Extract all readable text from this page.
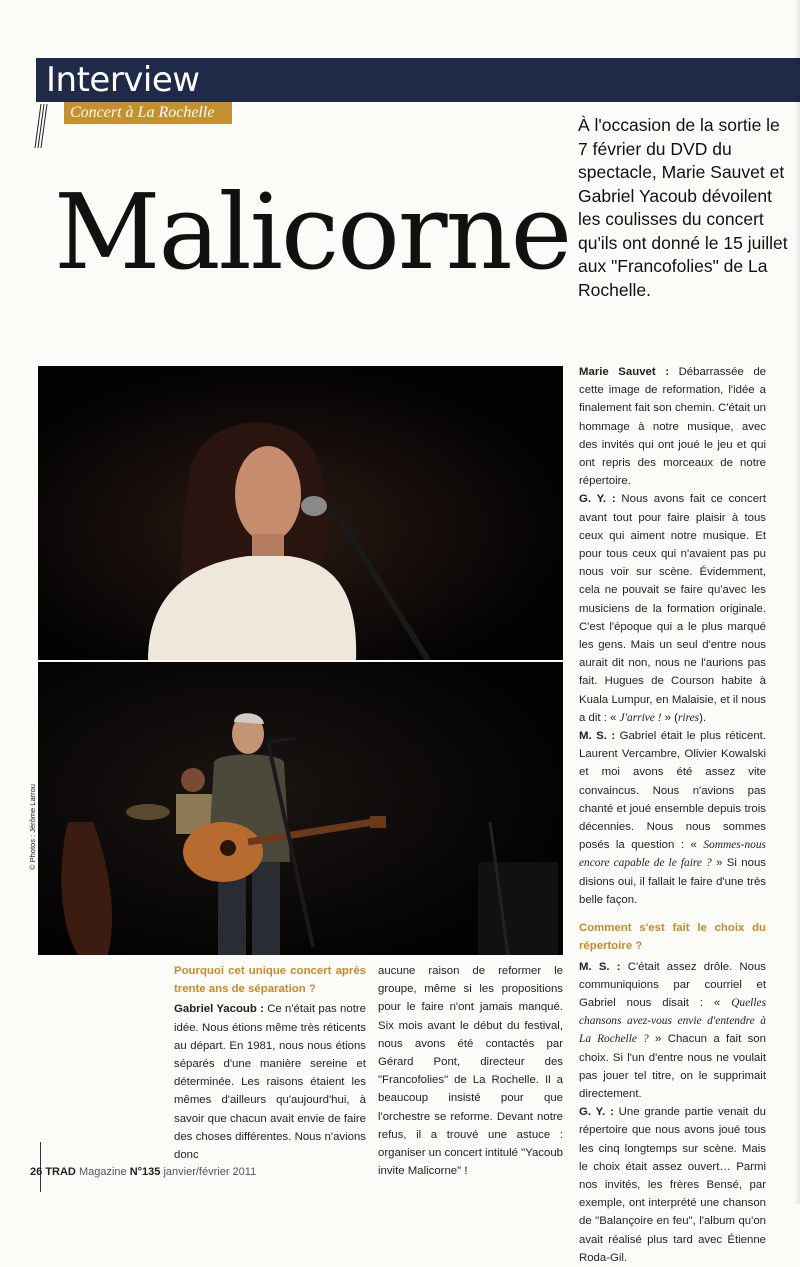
Interview
Concert à La Rochelle
Malicorne
À l'occasion de la sortie le 7 février du DVD du spectacle, Marie Sauvet et Gabriel Yacoub dévoilent les coulisses du concert qu'ils ont donné le 15 juillet aux "Francofolies" de La Rochelle.
© Photos : Jérôme Larrou

Pourquoi cet unique concert après trente ans de séparation ?

Gabriel Yacoub : Ce n'était pas notre idée. Nous étions même très réticents au départ. En 1981, nous nous étions séparés d'une manière sereine et déterminée. Les raisons étaient les mêmes d'ailleurs qu'aujourd'hui, à savoir que chacun avait envie de faire des choses différentes. Nous n'avions donc

aucune raison de reformer le groupe, même si les propositions pour le faire n'ont jamais manqué. Six mois avant le début du festival, nous avons été contactés par Gérard Pont, directeur des "Francofolies" de La Rochelle. Il a beaucoup insisté pour que l'orchestre se reforme. Devant notre refus, il a trouvé une astuce : organiser un concert intitulé "Yacoub invite Malicorne" !

Marie Sauvet : Débarrassée de cette image de reformation, l'idée a finalement fait son chemin. C'était un hommage à notre musique, avec des invités qui ont joué le jeu et qui ont repris des morceaux de notre répertoire.

G. Y. : Nous avons fait ce concert avant tout pour faire plaisir à tous ceux qui aiment notre musique. Et pour tous ceux qui n'avaient pas pu nous voir sur scène. Évidemment, cela ne pouvait se faire qu'avec les musiciens de la formation originale. C'est l'époque qui a le plus marqué les gens. Mais un seul d'entre nous aurait dit non, nous ne l'aurions pas fait. Hugues de Courson habite à Kuala Lumpur, en Malaisie, et il nous a dit : « J'arrive ! » (rires).

M. S. : Gabriel était le plus réticent. Laurent Vercambre, Olivier Kowalski et moi avons été assez vite convaincus. Nous n'avions pas chanté et joué ensemble depuis trois décennies. Nous nous sommes posés la question : « Sommes-nous encore capable de le faire ? » Si nous disions oui, il fallait le faire d'une très belle façon.

Comment s'est fait le choix du répertoire ?

M. S. : C'était assez drôle. Nous communiquions par courriel et Gabriel nous disait : « Quelles chansons avez-vous envie d'entendre à La Rochelle ? » Chacun a fait son choix. Si l'un d'entre nous ne voulait pas jouer tel titre, on le supprimait directement.

G. Y. : Une grande partie venait du répertoire que nous avons joué tous les cinq longtemps sur scène. Mais le choix était assez ouvert… Parmi nos invités, les frères Bensé, par exemple, ont interprété une chanson de "Balançoire en feu", l'album qu'on avait réalisé plus tard avec Étienne Roda-Gil.

26 TRAD Magazine N°135 janvier/février 2011
